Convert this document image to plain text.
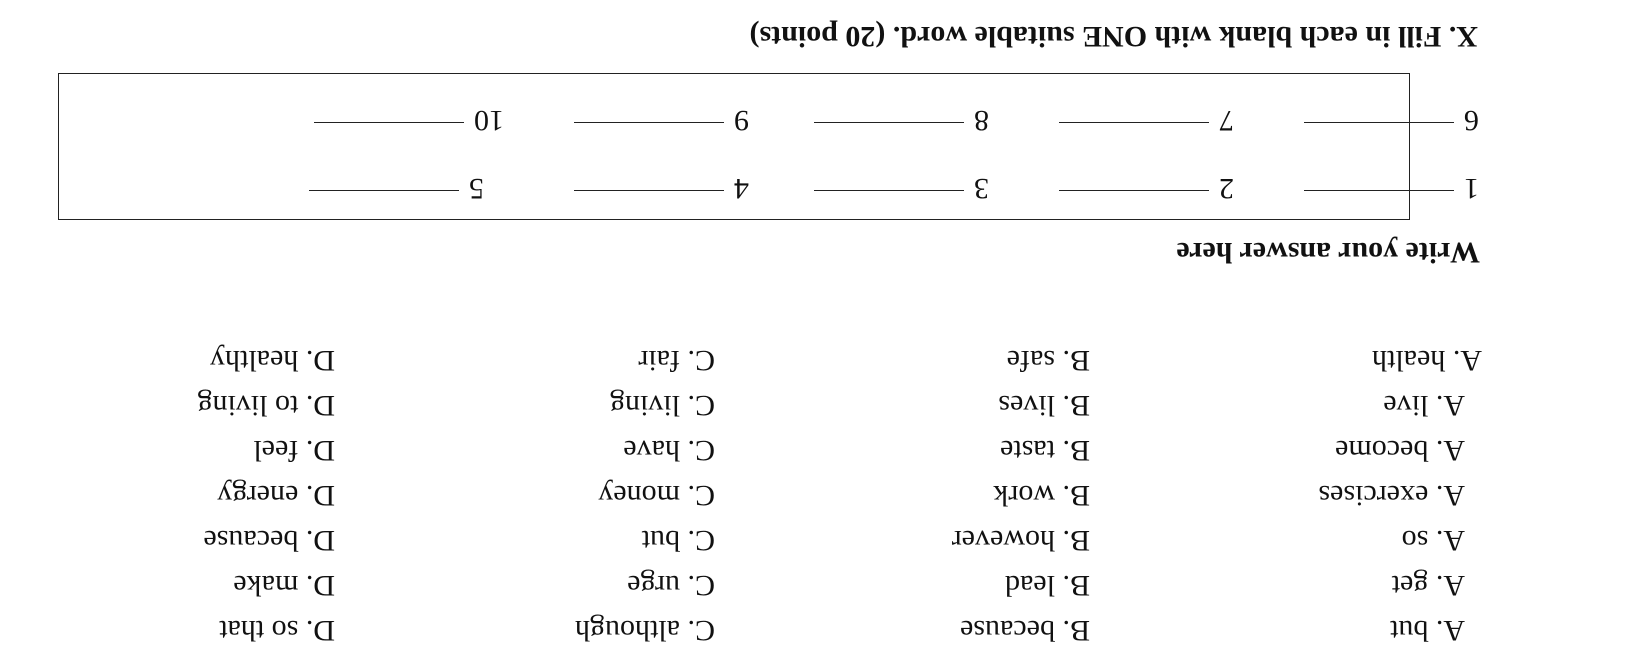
A. but
B. because
C. although
D. so that
A. get
B. lead
C. urge
D. make
A. so
B. however
C. but
D. because
A. exercises
B. work
C. money
D. energy
A. become
B. taste
C. have
D. feel
A. live
B. lives
C. living
D. to living
A. health
B. safe
C. fair
D. healthy
Write your answer here
1
2
3
4
5
6
7
8
9
10
X. Fill in each blank with ONE suitable word. (20 points)
